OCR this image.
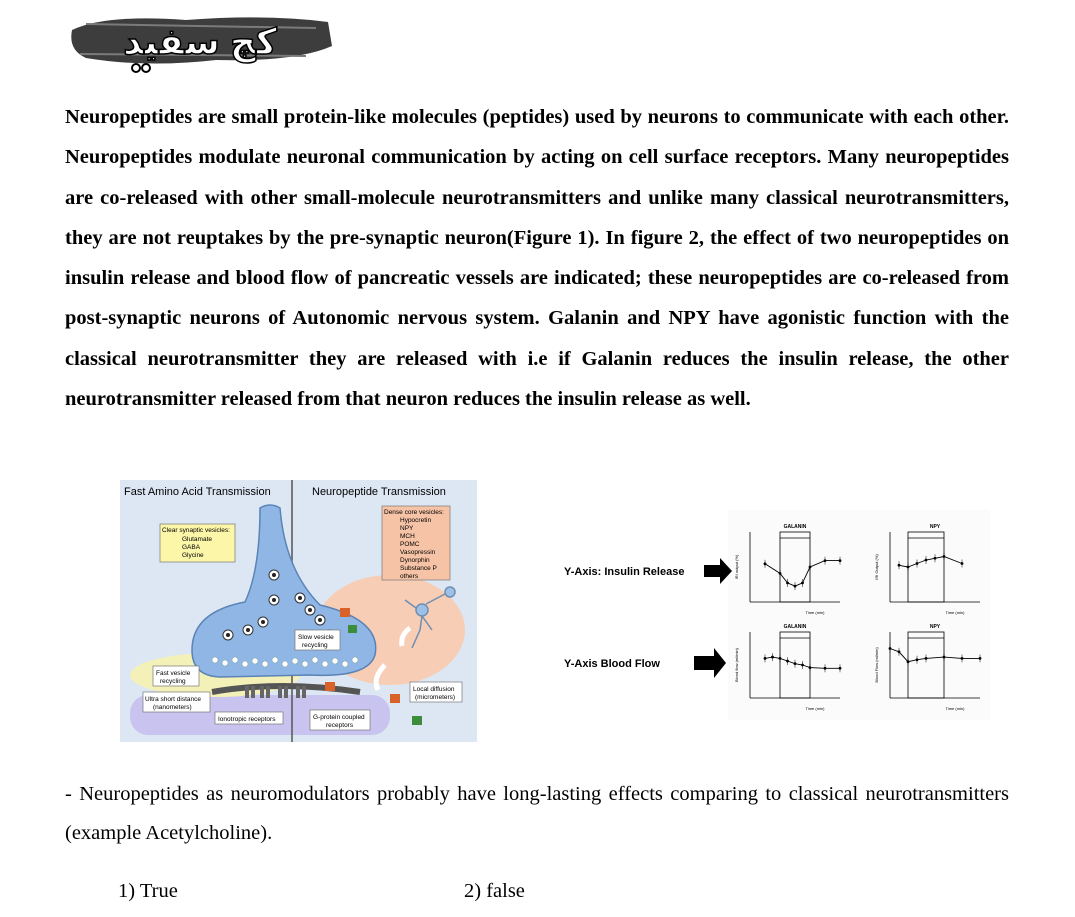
کچ سفید

Neuropeptides are small protein-like molecules (peptides) used by neurons to communicate with each other. Neuropeptides modulate neuronal communication by acting on cell surface receptors. Many neuropeptides are co-released with other small-molecule neurotransmitters and unlike many classical neurotransmitters, they are not reuptakes by the pre-synaptic neuron(Figure 1). In figure 2, the effect of two neuropeptides on insulin release and blood flow of pancreatic vessels are indicated; these neuropeptides are co-released from post-synaptic neurons of Autonomic nervous system. Galanin and NPY have agonistic function with the classical neurotransmitter they are released with i.e if Galanin reduces the insulin release, the other neurotransmitter released from that neuron reduces the insulin release as well.

Fast Amino Acid Transmission	Neuropeptide Transmission
Clear synaptic vesicles:
Glutamate
GABA
Glycine
Dense core vesicles:
Hypocretin
NPY
MCH
POMC
Vasopressin
Dynorphin
Substance P
others
Slow vesicle
recycling
Fast vesicle
recycling
Ultra short distance
(nanometers)
Local diffusion
(micrometers)
Ionotropic receptors	G-protein coupled
receptors
Y-Axis: Insulin Release
Y-Axis Blood Flow
GALANIN
Time (min)
IRI output (%)
NPY
Time (min)
IRI Output (%)
GALANIN
Time (min)
Blood flow (ml/min)
NPY
Time (min)
Blood Flow (ml/min)

- Neuropeptides as neuromodulators probably have long-lasting effects comparing to classical neurotransmitters (example Acetylcholine).

1) True	2) false
